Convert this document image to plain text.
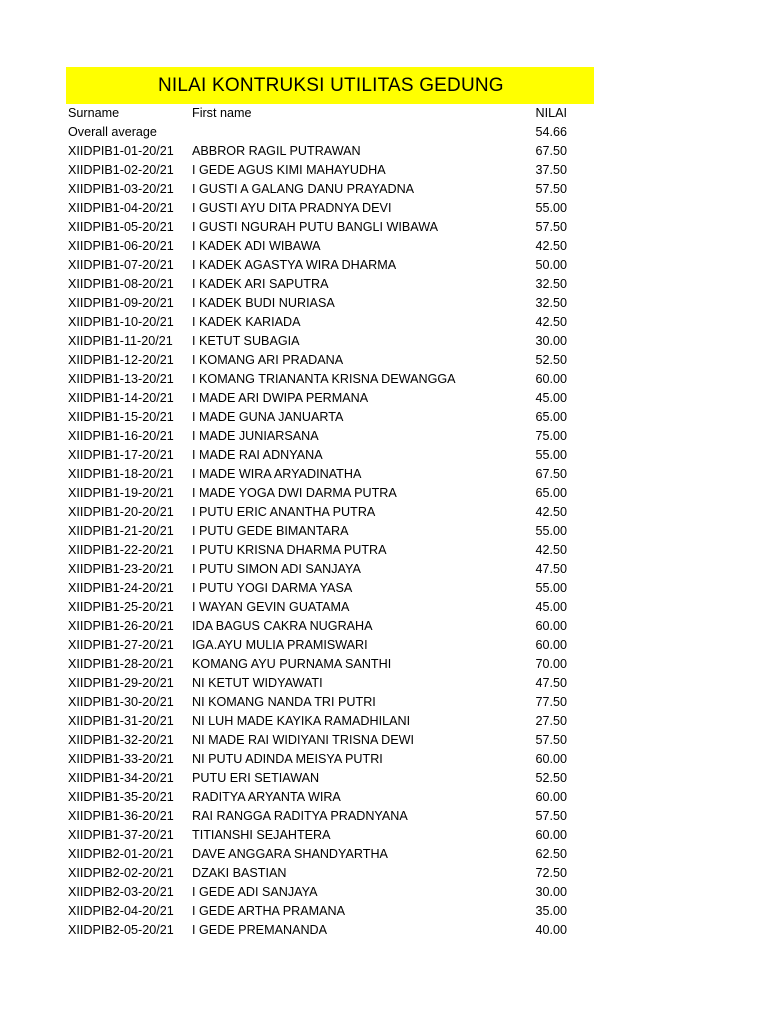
NILAI KONTRUKSI UTILITAS GEDUNG
Surname	First name	NILAI
Overall average	54.66
XIIDPIB1-01-20/21 ABBROR RAGIL PUTRAWAN	67.50
XIIDPIB1-02-20/21 I GEDE AGUS KIMI MAHAYUDHA	37.50
XIIDPIB1-03-20/21 I GUSTI A GALANG DANU PRAYADNA	57.50
XIIDPIB1-04-20/21 I GUSTI AYU DITA PRADNYA DEVI	55.00
XIIDPIB1-05-20/21 I GUSTI NGURAH PUTU BANGLI WIBAWA	57.50
XIIDPIB1-06-20/21 I KADEK ADI WIBAWA	42.50
XIIDPIB1-07-20/21 I KADEK AGASTYA WIRA DHARMA	50.00
XIIDPIB1-08-20/21 I KADEK ARI SAPUTRA	32.50
XIIDPIB1-09-20/21 I KADEK BUDI NURIASA	32.50
XIIDPIB1-10-20/21 I KADEK KARIADA	42.50
XIIDPIB1-11-20/21 I KETUT SUBAGIA	30.00
XIIDPIB1-12-20/21 I KOMANG ARI PRADANA	52.50
XIIDPIB1-13-20/21 I KOMANG TRIANANTA KRISNA DEWANGGA	60.00
XIIDPIB1-14-20/21 I MADE ARI DWIPA PERMANA	45.00
XIIDPIB1-15-20/21 I MADE GUNA JANUARTA	65.00
XIIDPIB1-16-20/21 I MADE JUNIARSANA	75.00
XIIDPIB1-17-20/21 I MADE RAI ADNYANA	55.00
XIIDPIB1-18-20/21 I MADE WIRA ARYADINATHA	67.50
XIIDPIB1-19-20/21 I MADE YOGA DWI DARMA PUTRA	65.00
XIIDPIB1-20-20/21 I PUTU ERIC ANANTHA PUTRA	42.50
XIIDPIB1-21-20/21 I PUTU GEDE BIMANTARA	55.00
XIIDPIB1-22-20/21 I PUTU KRISNA DHARMA PUTRA	42.50
XIIDPIB1-23-20/21 I PUTU SIMON ADI SANJAYA	47.50
XIIDPIB1-24-20/21 I PUTU YOGI DARMA YASA	55.00
XIIDPIB1-25-20/21 I WAYAN GEVIN GUATAMA	45.00
XIIDPIB1-26-20/21 IDA BAGUS CAKRA NUGRAHA	60.00
XIIDPIB1-27-20/21 IGA.AYU MULIA PRAMISWARI	60.00
XIIDPIB1-28-20/21 KOMANG AYU PURNAMA SANTHI	70.00
XIIDPIB1-29-20/21 NI KETUT WIDYAWATI	47.50
XIIDPIB1-30-20/21 NI KOMANG NANDA TRI PUTRI	77.50
XIIDPIB1-31-20/21 NI LUH MADE KAYIKA RAMADHILANI	27.50
XIIDPIB1-32-20/21 NI MADE RAI WIDIYANI TRISNA DEWI	57.50
XIIDPIB1-33-20/21 NI PUTU ADINDA MEISYA PUTRI	60.00
XIIDPIB1-34-20/21 PUTU ERI SETIAWAN	52.50
XIIDPIB1-35-20/21 RADITYA ARYANTA WIRA	60.00
XIIDPIB1-36-20/21 RAI RANGGA RADITYA PRADNYANA	57.50
XIIDPIB1-37-20/21 TITIANSHI SEJAHTERA	60.00
XIIDPIB2-01-20/21 DAVE ANGGARA SHANDYARTHA	62.50
XIIDPIB2-02-20/21 DZAKI BASTIAN	72.50
XIIDPIB2-03-20/21 I GEDE ADI SANJAYA	30.00
XIIDPIB2-04-20/21 I GEDE ARTHA PRAMANA	35.00
XIIDPIB2-05-20/21 I GEDE PREMANANDA	40.00
